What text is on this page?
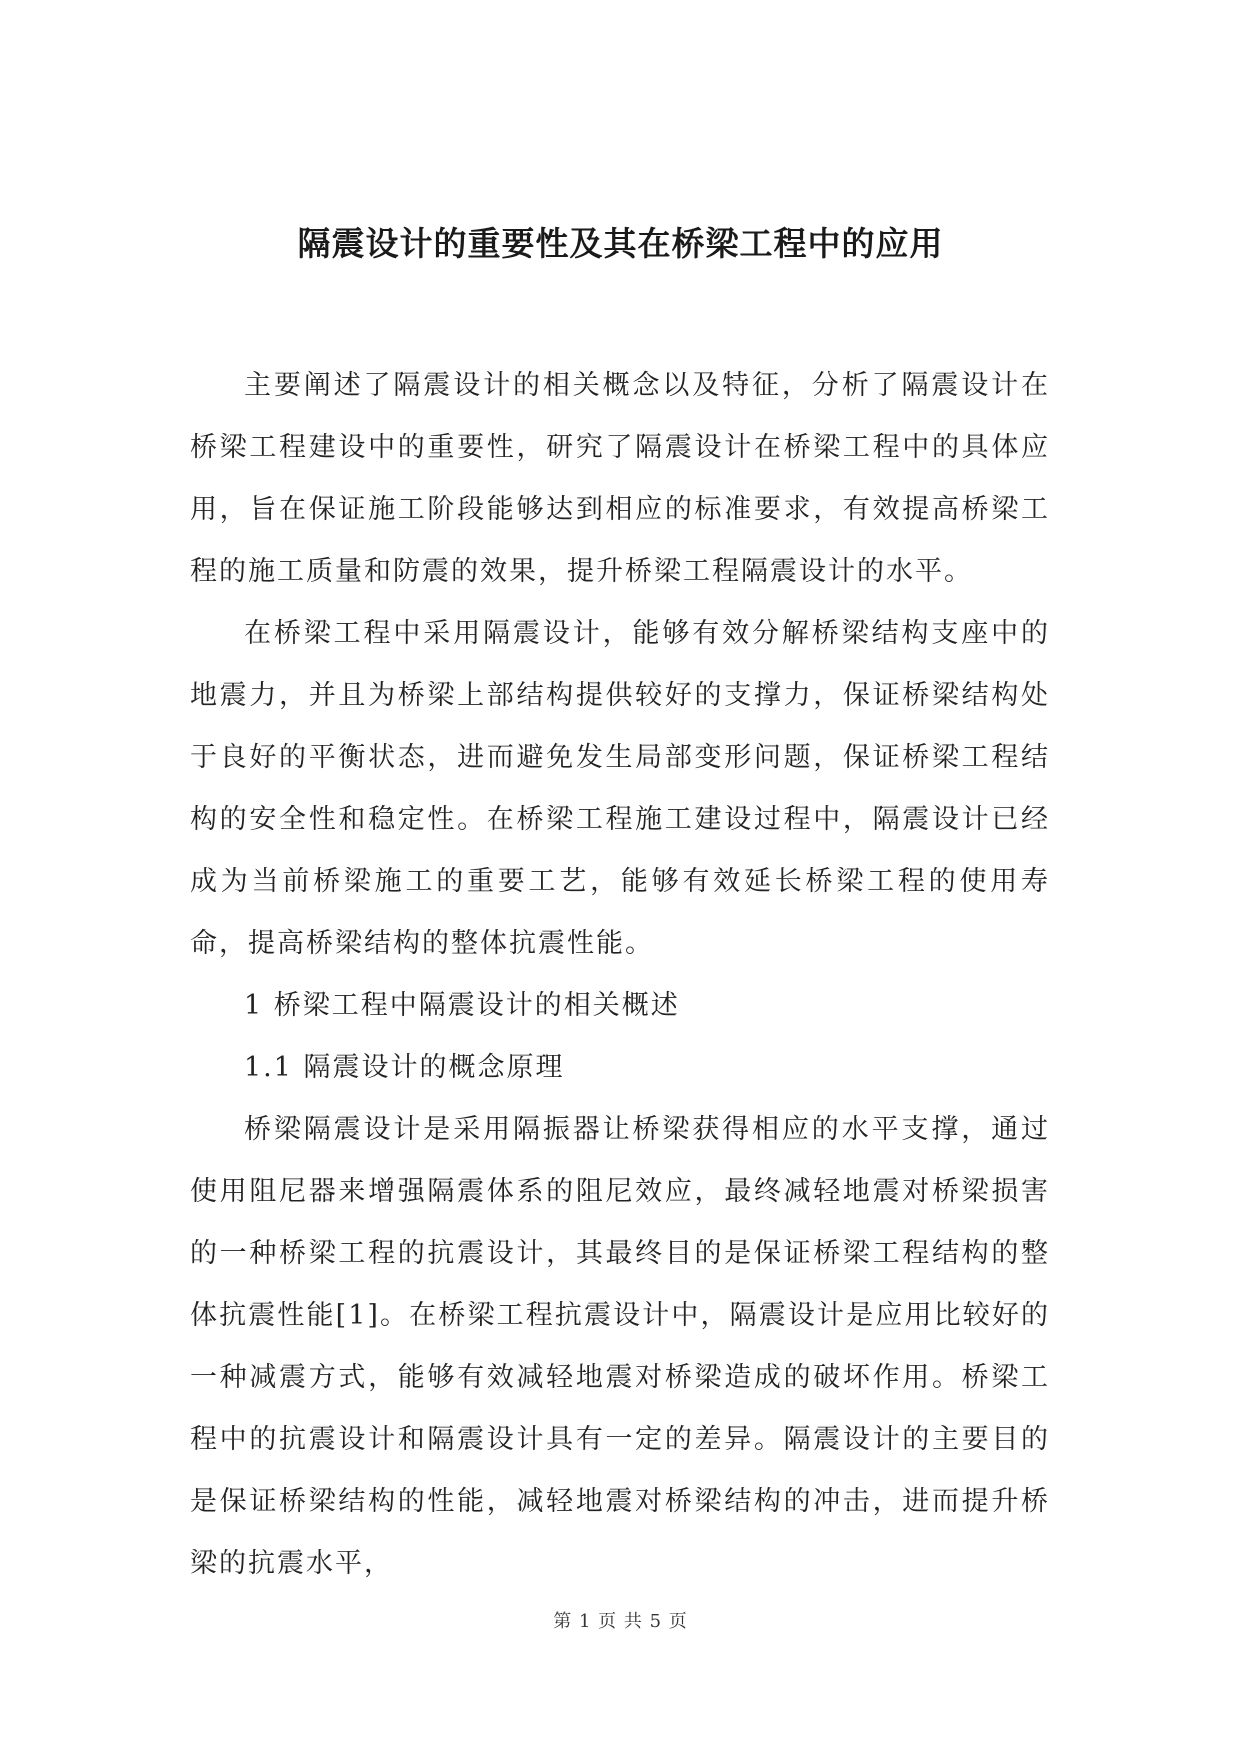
隔震设计的重要性及其在桥梁工程中的应用

主要阐述了隔震设计的相关概念以及特征，分析了隔震设计在桥梁工程建设中的重要性，研究了隔震设计在桥梁工程中的具体应用，旨在保证施工阶段能够达到相应的标准要求，有效提高桥梁工程的施工质量和防震的效果，提升桥梁工程隔震设计的水平。

在桥梁工程中采用隔震设计，能够有效分解桥梁结构支座中的地震力，并且为桥梁上部结构提供较好的支撑力，保证桥梁结构处于良好的平衡状态，进而避免发生局部变形问题，保证桥梁工程结构的安全性和稳定性。在桥梁工程施工建设过程中，隔震设计已经成为当前桥梁施工的重要工艺，能够有效延长桥梁工程的使用寿命，提高桥梁结构的整体抗震性能。

1 桥梁工程中隔震设计的相关概述

1.1 隔震设计的概念原理

桥梁隔震设计是采用隔振器让桥梁获得相应的水平支撑，通过使用阻尼器来增强隔震体系的阻尼效应，最终减轻地震对桥梁损害的一种桥梁工程的抗震设计，其最终目的是保证桥梁工程结构的整体抗震性能[1]。在桥梁工程抗震设计中，隔震设计是应用比较好的一种减震方式，能够有效减轻地震对桥梁造成的破坏作用。桥梁工程中的抗震设计和隔震设计具有一定的差异。隔震设计的主要目的是保证桥梁结构的性能，减轻地震对桥梁结构的冲击，进而提升桥梁的抗震水平，

第 1 页 共 5 页
